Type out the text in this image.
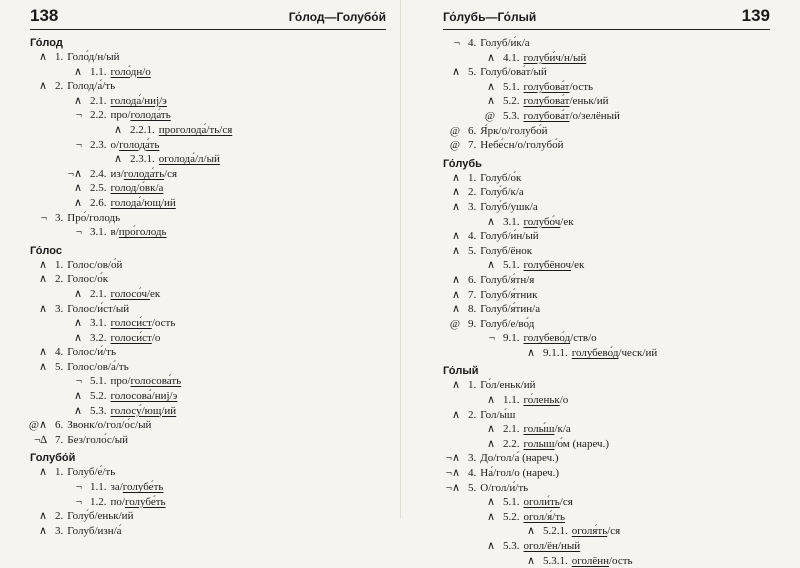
138	Го́лод—Голубо́й
Го́лод
∧ 1. Голо́д/н/ый
∧ 1.1. голо́дн/о
∧ 2. Голод/а́/ть
∧ 2.1. голода́/ниј/э
¬ 2.2. про/голода́ть
∧ 2.2.1. проголода́/ть/ся
¬ 2.3. о/голода́ть
∧ 2.3.1. оголода́/л/ый
¬∧ 2.4. из/голода́ть/ся
∧ 2.5. голод/о́вк/а
∧ 2.6. голода́/ющ/ий
¬ 3. Про́/голодь
¬ 3.1. в/про́голодь
Го́лос
∧ 1. Голос/ов/о́й
∧ 2. Голос/о́к
∧ 2.1. голосо́ч/ек
∧ 3. Голос/и́ст/ый
∧ 3.1. голоси́ст/ость
∧ 3.2. голоси́ст/о
∧ 4. Голос/и́/ть
∧ 5. Голос/ов/а́/ть
¬ 5.1. про/голосова́ть
∧ 5.2. голосова́/ниј/э
∧ 5.3. голосу́/ющ/ий
@∧ 6. Звонк/о/гол/о́с/ый
¬∆ 7. Без/голо́с/ый
Голубо́й
∧ 1. Голуб/е́/ть
¬ 1.1. за/голубе́ть
¬ 1.2. по/голубе́ть
∧ 2. Голу́б/еньк/ий
∧ 3. Голуб/изн/а́
Го́лубь—Го́лый	139
¬ 4. Голуб/и́к/а
∧ 4.1. голуби́ч/н/ый
∧ 5. Голуб/ова́т/ый
∧ 5.1. голубова́т/ость
∧ 5.2. голубова́т/еньк/ий
@ 5.3. голубова́т/о/зелёный
@ 6. Я́рк/о/голубо́й
@ 7. Небе́сн/о/голубо́й
Го́лубь
∧ 1. Голуб/о́к
∧ 2. Голу́б/к/а
∧ 3. Голу́б/ушк/а
∧ 3.1. голубо́ч/ек
∧ 4. Голуб/и́н/ый
∧ 5. Голуб/ёнок
∧ 5.1. голубёноч/ек
∧ 6. Голуб/я́тн/я
∧ 7. Голуб/я́тник
∧ 8. Голуб/я́тин/а
@ 9. Голуб/е/во́д
¬ 9.1. голубево́д/ств/о
∧ 9.1.1. голубево́д/ческ/ий
Го́лый
∧ 1. Го́л/еньк/ий
∧ 1.1. го́леньк/о
∧ 2. Гол/ы́ш
∧ 2.1. голы́ш/к/а
∧ 2.2. голыш/о́м (нареч.)
¬∧ 3. До/гол/а́ (нареч.)
¬∧ 4. На́/гол/о (нареч.)
¬∧ 5. О/гол/и́/ть
∧ 5.1. оголи́ть/ся
∧ 5.2. огол/я́/ть
∧ 5.2.1. оголя́ть/ся
∧ 5.3. огол/ён/ный
∧ 5.3.1. оголённ/ость
